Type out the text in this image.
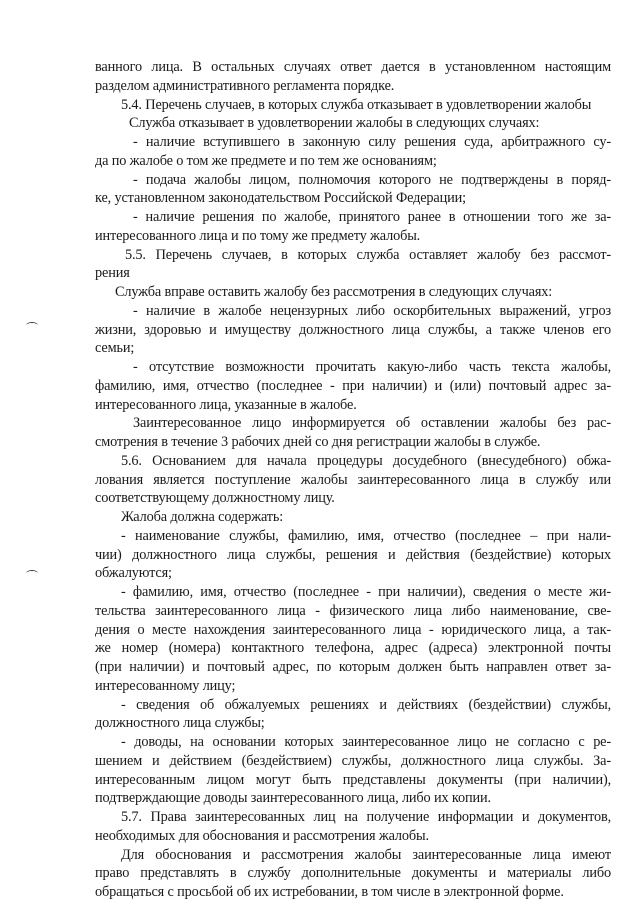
ванного лица. В остальных случаях ответ дается в установленном настоящим
разделом административного регламента порядке.
5.4. Перечень случаев, в которых служба отказывает в удовлетворении жалобы
Служба отказывает в удовлетворении жалобы в следующих случаях:
- наличие вступившего в законную силу решения суда, арбитражного су-
да по жалобе о том же предмете и по тем же основаниям;
- подача жалобы лицом, полномочия которого не подтверждены в поряд-
ке, установленном законодательством Российской Федерации;
- наличие решения по жалобе, принятого ранее в отношении того же за-
интересованного лица и по тому же предмету жалобы.
5.5. Перечень случаев, в которых служба оставляет жалобу без рассмот-
рения
Служба вправе оставить жалобу без рассмотрения в следующих случаях:
- наличие в жалобе нецензурных либо оскорбительных выражений, угроз
жизни, здоровью и имуществу должностного лица службы, а также членов его
семьи;
- отсутствие возможности прочитать какую-либо часть текста жалобы,
фамилию, имя, отчество (последнее - при наличии) и (или) почтовый адрес за-
интересованного лица, указанные в жалобе.
Заинтересованное лицо информируется об оставлении жалобы без рас-
смотрения в течение 3 рабочих дней со дня регистрации жалобы в службе.
5.6. Основанием для начала процедуры досудебного (внесудебного) обжа-
лования является поступление жалобы заинтересованного лица в службу или
соответствующему должностному лицу.
Жалоба должна содержать:
- наименование службы, фамилию, имя, отчество (последнее – при нали-
чии) должностного лица службы, решения и действия (бездействие) которых
обжалуются;
- фамилию, имя, отчество (последнее - при наличии), сведения о месте жи-
тельства заинтересованного лица - физического лица либо наименование, све-
дения о месте нахождения заинтересованного лица - юридического лица, а так-
же номер (номера) контактного телефона, адрес (адреса) электронной почты
(при наличии) и почтовый адрес, по которым должен быть направлен ответ за-
интересованному лицу;
- сведения об обжалуемых решениях и действиях (бездействии) службы,
должностного лица службы;
- доводы, на основании которых заинтересованное лицо не согласно с ре-
шением и действием (бездействием) службы, должностного лица службы. За-
интересованным лицом могут быть представлены документы (при наличии),
подтверждающие доводы заинтересованного лица, либо их копии.
5.7. Права заинтересованных лиц на получение информации и документов,
необходимых для обоснования и рассмотрения жалобы.
Для обоснования и рассмотрения жалобы заинтересованные лица имеют
право представлять в службу дополнительные документы и материалы либо
обращаться с просьбой об их истребовании, в том числе в электронной форме.
